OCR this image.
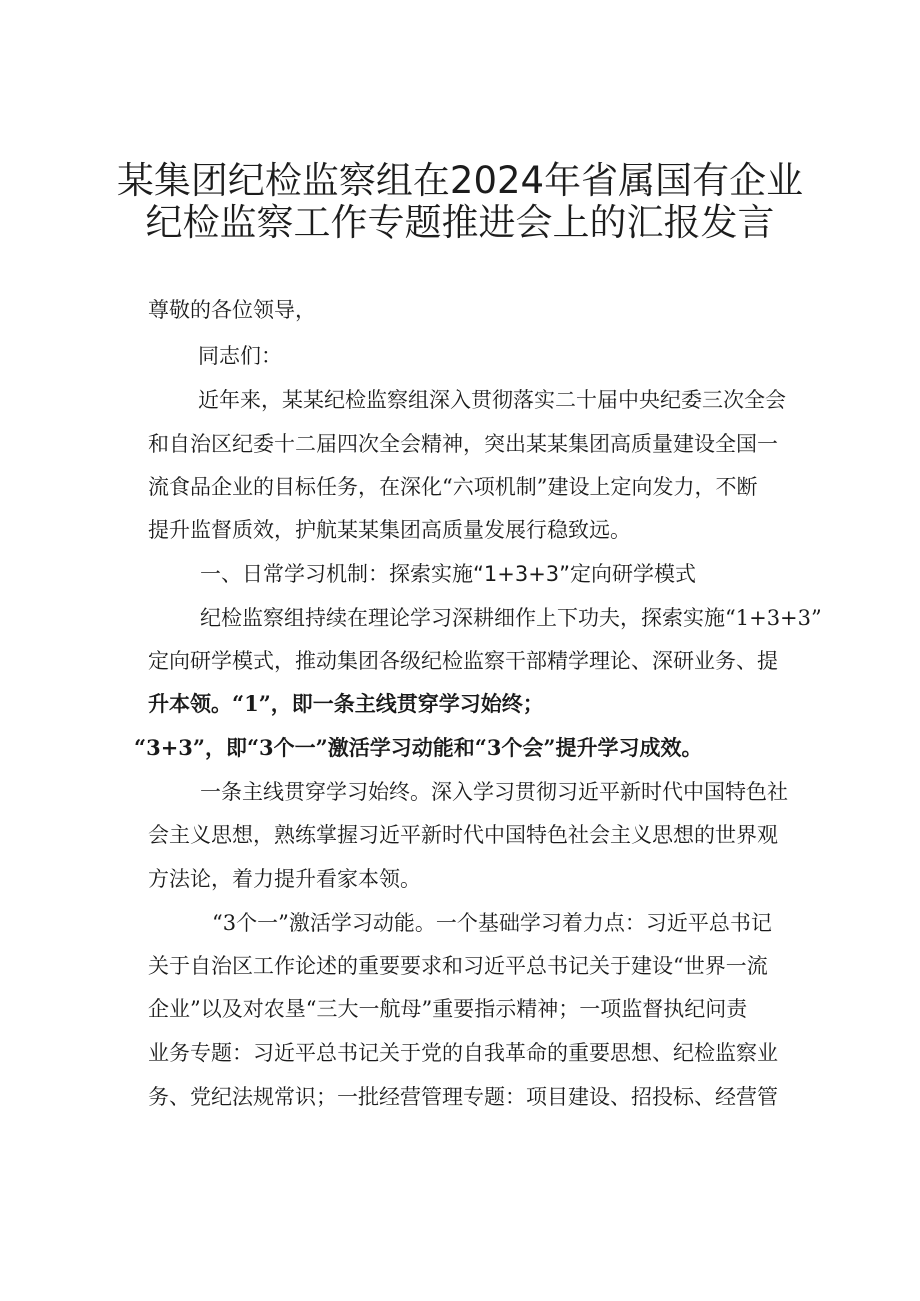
某集团纪检监察组在2024年省属国有企业
纪检监察工作专题推进会上的汇报发言
尊敬的各位领导，
同志们：
近年来，某某纪检监察组深入贯彻落实二十届中央纪委三次全会
和自治区纪委十二届四次全会精神，突出某某集团高质量建设全国一
流食品企业的目标任务，在深化“六项机制”建设上定向发力，不断
提升监督质效，护航某某集团高质量发展行稳致远。
一、日常学习机制：探索实施“1+3+3”定向研学模式
纪检监察组持续在理论学习深耕细作上下功夫，探索实施“1+3+3”
定向研学模式，推动集团各级纪检监察干部精学理论、深研业务、提
升本领。“1”，即一条主线贯穿学习始终；
“3+3”，即“3个一”激活学习动能和“3个会”提升学习成效。
一条主线贯穿学习始终。深入学习贯彻习近平新时代中国特色社
会主义思想，熟练掌握习近平新时代中国特色社会主义思想的世界观
方法论，着力提升看家本领。
“3个一”激活学习动能。一个基础学习着力点：习近平总书记
关于自治区工作论述的重要要求和习近平总书记关于建设“世界一流
企业”以及对农垦“三大一航母”重要指示精神；一项监督执纪问责
业务专题：习近平总书记关于党的自我革命的重要思想、纪检监察业
务、党纪法规常识；一批经营管理专题：项目建设、招投标、经营管
